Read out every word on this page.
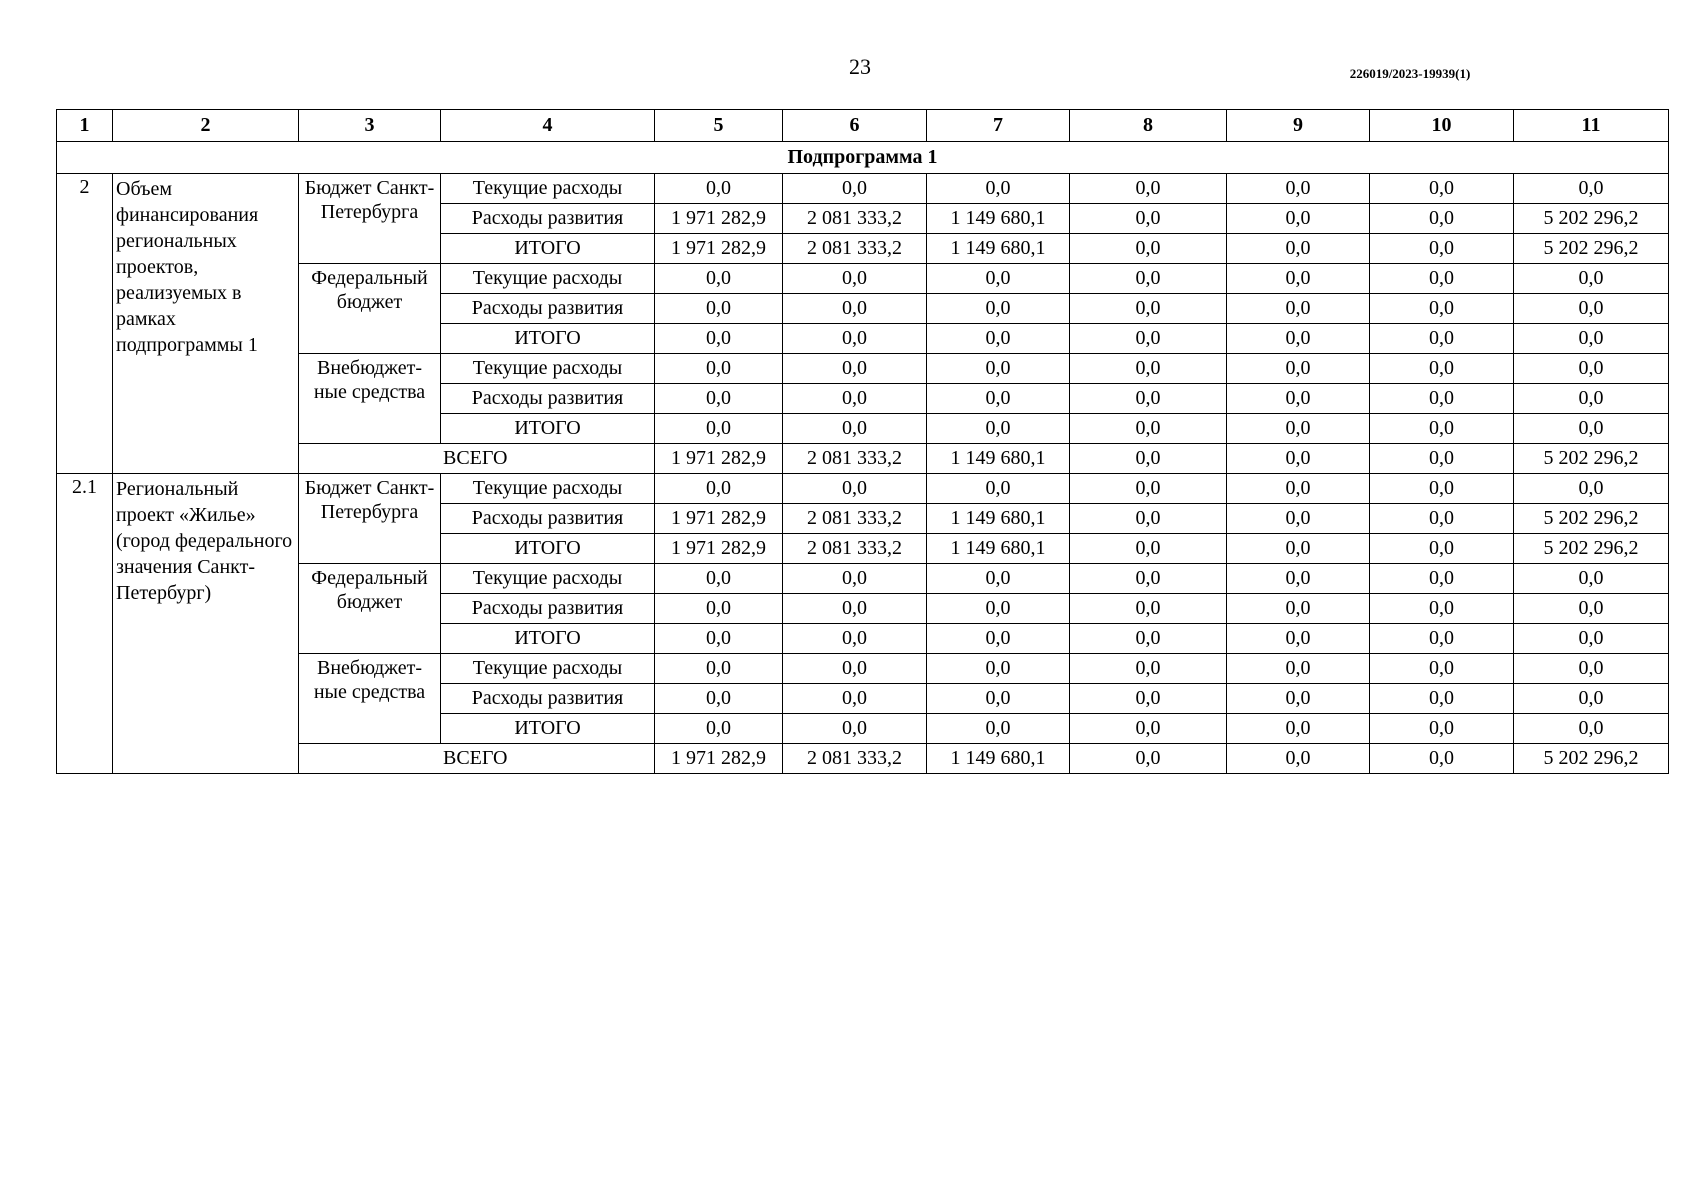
23	226019/2023-19939(1)
1	2	3	4	5	6	7	8	9	10	11
Подпрограмма 1										
2	Объем финансирования региональных проектов, реализуемых в рамках подпрограммы 1	Бюджет Санкт-Петербурга	Текущие расходы	0,0	0,0	0,0	0,0	0,0	0,0	0,0
			Расходы развития	1 971 282,9	2 081 333,2	1 149 680,1	0,0	0,0	0,0	5 202 296,2
			ИТОГО	1 971 282,9	2 081 333,2	1 149 680,1	0,0	0,0	0,0	5 202 296,2
		Федеральный бюджет	Текущие расходы	0,0	0,0	0,0	0,0	0,0	0,0	0,0
			Расходы развития	0,0	0,0	0,0	0,0	0,0	0,0	0,0
			ИТОГО	0,0	0,0	0,0	0,0	0,0	0,0	0,0
		Внебюджет-ные средства	Текущие расходы	0,0	0,0	0,0	0,0	0,0	0,0	0,0
			Расходы развития	0,0	0,0	0,0	0,0	0,0	0,0	0,0
			ИТОГО	0,0	0,0	0,0	0,0	0,0	0,0	0,0
		ВСЕГО		1 971 282,9	2 081 333,2	1 149 680,1	0,0	0,0	0,0	5 202 296,2
2.1	Региональный проект «Жилье» (город федерального значения Санкт-Петербург)	Бюджет Санкт-Петербурга	Текущие расходы	0,0	0,0	0,0	0,0	0,0	0,0	0,0
			Расходы развития	1 971 282,9	2 081 333,2	1 149 680,1	0,0	0,0	0,0	5 202 296,2
			ИТОГО	1 971 282,9	2 081 333,2	1 149 680,1	0,0	0,0	0,0	5 202 296,2
		Федеральный бюджет	Текущие расходы	0,0	0,0	0,0	0,0	0,0	0,0	0,0
			Расходы развития	0,0	0,0	0,0	0,0	0,0	0,0	0,0
			ИТОГО	0,0	0,0	0,0	0,0	0,0	0,0	0,0
		Внебюджет-ные средства	Текущие расходы	0,0	0,0	0,0	0,0	0,0	0,0	0,0
			Расходы развития	0,0	0,0	0,0	0,0	0,0	0,0	0,0
			ИТОГО	0,0	0,0	0,0	0,0	0,0	0,0	0,0
		ВСЕГО		1 971 282,9	2 081 333,2	1 149 680,1	0,0	0,0	0,0	5 202 296,2
